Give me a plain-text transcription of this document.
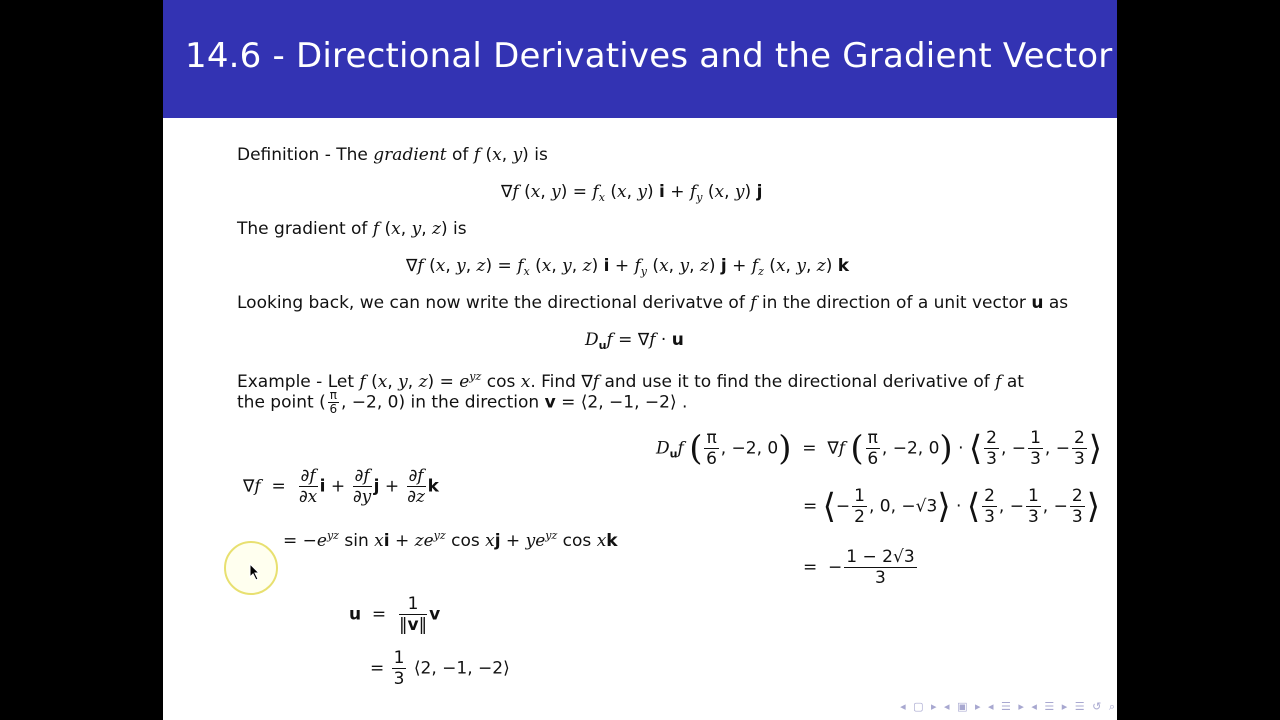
14.6 - Directional Derivatives and the Gradient Vector
Definition - The gradient of f (x, y) is
∇f (x, $y) = f_x$ (x, y) $i + f_y$ (x, y) j
The gradient of f (x, y, z) is
∇f (x, y, $z) = f_x$ (x, y, z) $i + f_y$ (x, y, z) $j + f_z$ (x, y, z) k
Looking back, we can now write the directional derivatve of f in the direction of a unit vector u as
$D_uf = \nabla f \cdot u$
Example - Let f (x, y, $z) = e^{yz}$ cos x. Find ∇f and use it to find the directional derivative of f at
the point ( $\frac{\pi}{6}$ , −2, 0) in the direction v = ⟨2, −1, −2⟩ .
$\nabla f = \frac{\partial f}{\partial x}$ $i + \frac{\partial f}{\partial y}$ $j + \frac{\partial f}{\partial z}$ k
= $-e^{yz}$ sin xi + $ze^{yz}$ cos xj + $ye^{yz}$ cos xk
$u = \frac{1}{‖v‖}$ v
= $\frac{1}{3}$ ⟨2, −1, −2⟩
$D_uf$ ( $\frac{\pi}{6}$ , −2, 0)  =  ∇f ( $\frac{\pi}{6}$ , −2, 0) · ⟨ $\frac{2}{3}$ , − $\frac{1}{3}$ , − $\frac{2}{3}$ ⟩
= ⟨− $\frac{1}{2}$ , 0, −√3⟩ · ⟨ $\frac{2}{3}$ , − $\frac{1}{3}$ , − $\frac{2}{3}$ ⟩
=  − $\frac{1 - 2√3}{3}$
◂ ▢ ▸ ◂ ▣ ▸ ◂ ☰ ▸ ◂ ☰ ▸ ☰ ↺ ⌕
